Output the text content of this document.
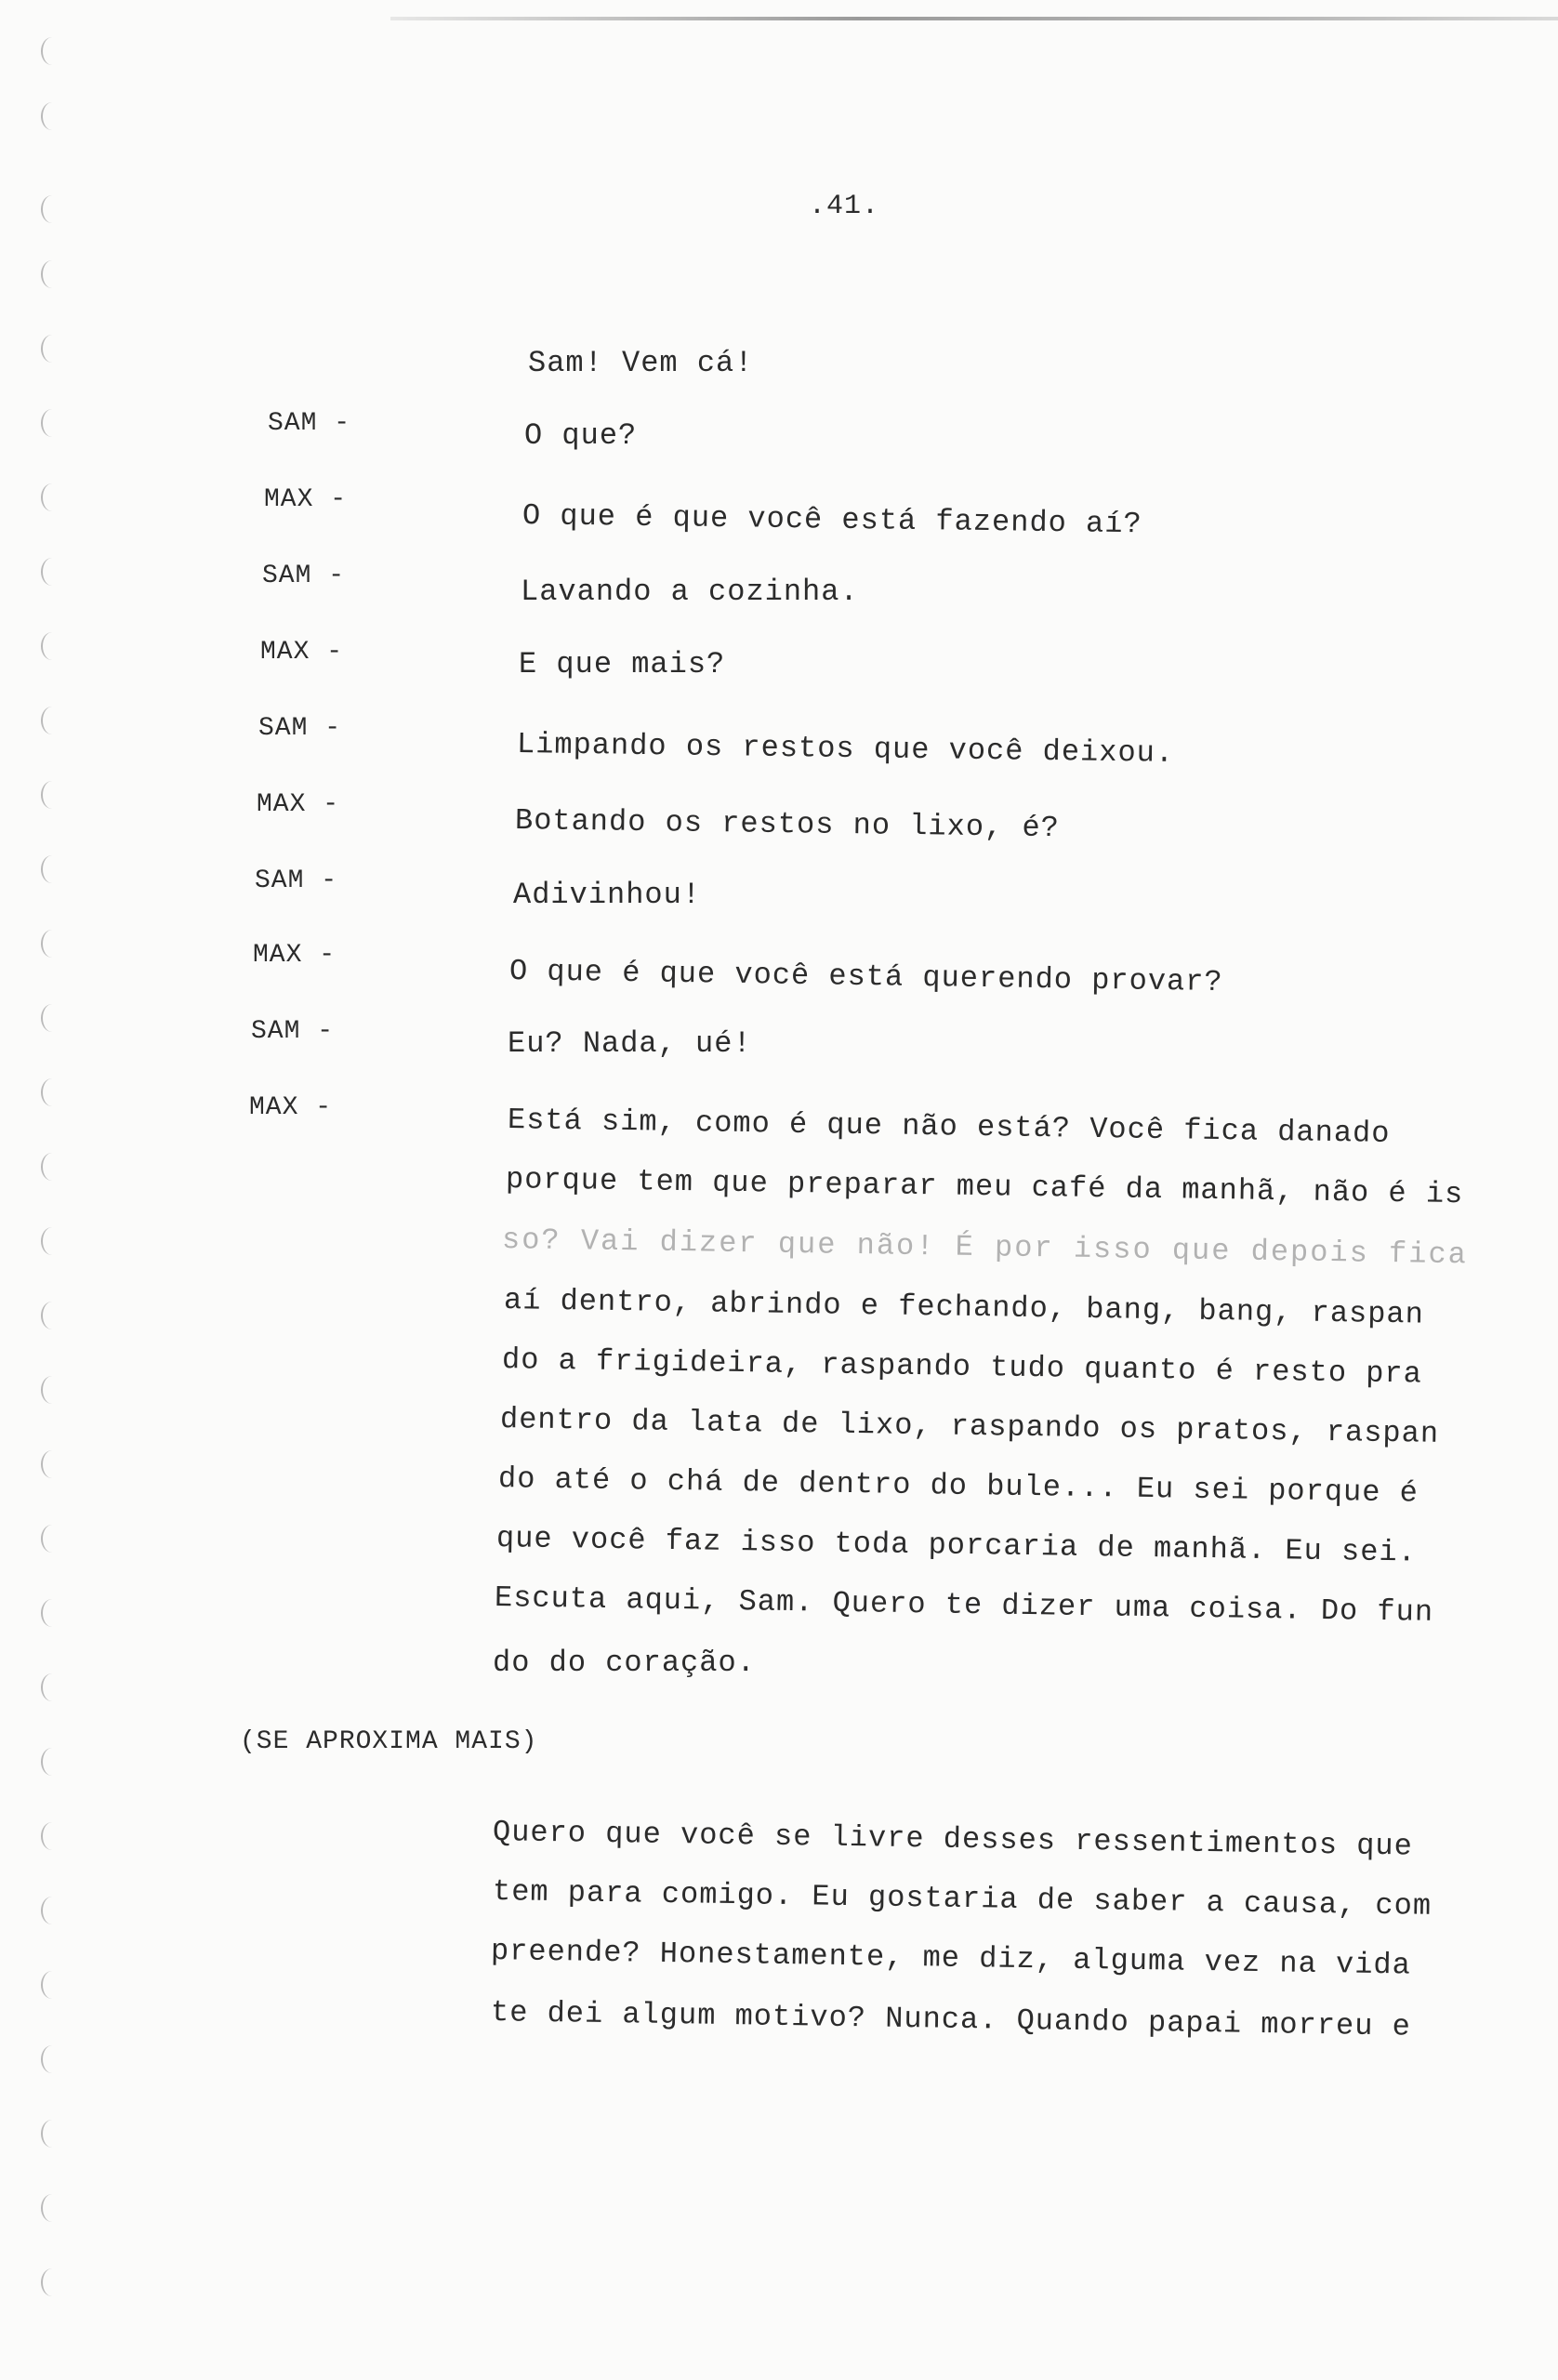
.41.
Sam! Vem cá!
SAM -	O que?
MAX -	O que é que você está fazendo aí?
SAM -	Lavando a cozinha.
MAX -	E que mais?
SAM -	Limpando os restos que você deixou.
MAX -	Botando os restos no lixo, é?
SAM -	Adivinhou!
MAX -	O que é que você está querendo provar?
SAM -	Eu? Nada, ué!
MAX -	Está sim, como é que não está? Você fica danado
porque tem que preparar meu café da manhã, não é is
so? Vai dizer que não! É por isso que depois fica
aí dentro, abrindo e fechando, bang, bang, raspan
do a frigideira, raspando tudo quanto é resto pra
dentro da lata de lixo, raspando os pratos, raspan
do até o chá de dentro do bule... Eu sei porque é
que você faz isso toda porcaria de manhã. Eu sei.
Escuta aqui, Sam. Quero te dizer uma coisa. Do fun
do do coração.
(SE APROXIMA MAIS)
Quero que você se livre desses ressentimentos que
tem para comigo. Eu gostaria de saber a causa, com
preende? Honestamente, me diz, alguma vez na vida
te dei algum motivo? Nunca. Quando papai morreu e
